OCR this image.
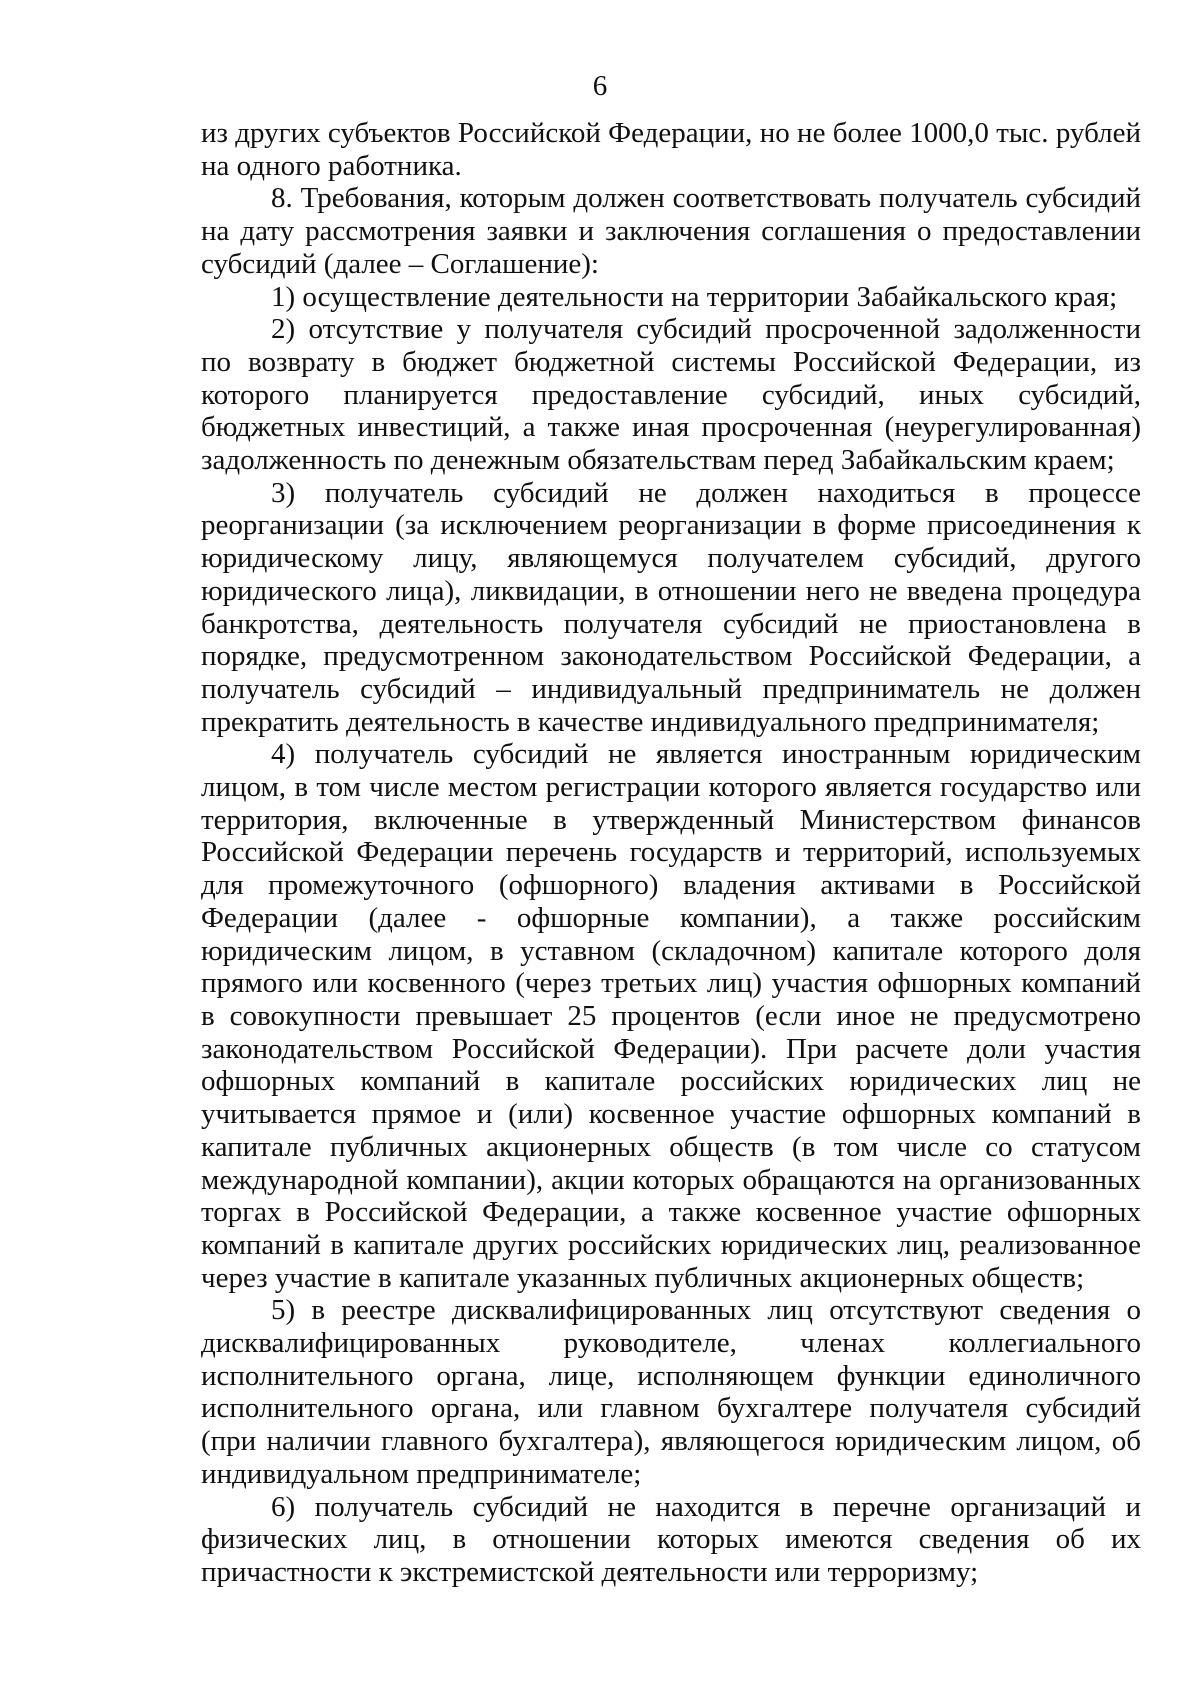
6

из других субъектов Российской Федерации, но не более 1000,0 тыс. рублей на одного работника.

8. Требования, которым должен соответствовать получатель субсидий на дату рассмотрения заявки и заключения соглашения о предоставлении субсидий (далее – Соглашение):

1) осуществление деятельности на территории Забайкальского края;

2) отсутствие у получателя субсидий просроченной задолженности по возврату в бюджет бюджетной системы Российской Федерации, из которого планируется предоставление субсидий, иных субсидий, бюджетных инвестиций, а также иная просроченная (неурегулированная) задолженность по денежным обязательствам перед Забайкальским краем;

3) получатель субсидий не должен находиться в процессе реорганизации (за исключением реорганизации в форме присоединения к юридическому лицу, являющемуся получателем субсидий, другого юридического лица), ликвидации, в отношении него не введена процедура банкротства, деятельность получателя субсидий не приостановлена в порядке, предусмотренном законодательством Российской Федерации, а получатель субсидий – индивидуальный предприниматель не должен прекратить деятельность в качестве индивидуального предпринимателя;

4) получатель субсидий не является иностранным юридическим лицом, в том числе местом регистрации которого является государство или территория, включенные в утвержденный Министерством финансов Российской Федерации перечень государств и территорий, используемых для промежуточного (офшорного) владения активами в Российской Федерации (далее - офшорные компании), а также российским юридическим лицом, в уставном (складочном) капитале которого доля прямого или косвенного (через третьих лиц) участия офшорных компаний в совокупности превышает 25 процентов (если иное не предусмотрено законодательством Российской Федерации). При расчете доли участия офшорных компаний в капитале российских юридических лиц не учитывается прямое и (или) косвенное участие офшорных компаний в капитале публичных акционерных обществ (в том числе со статусом международной компании), акции которых обращаются на организованных торгах в Российской Федерации, а также косвенное участие офшорных компаний в капитале других российских юридических лиц, реализованное через участие в капитале указанных публичных акционерных обществ;

5) в реестре дисквалифицированных лиц отсутствуют сведения о дисквалифицированных руководителе, членах коллегиального исполнительного органа, лице, исполняющем функции единоличного исполнительного органа, или главном бухгалтере получателя субсидий (при наличии главного бухгалтера), являющегося юридическим лицом, об индивидуальном предпринимателе;

6) получатель субсидий не находится в перечне организаций и физических лиц, в отношении которых имеются сведения об их причастности к экстремистской деятельности или терроризму;
